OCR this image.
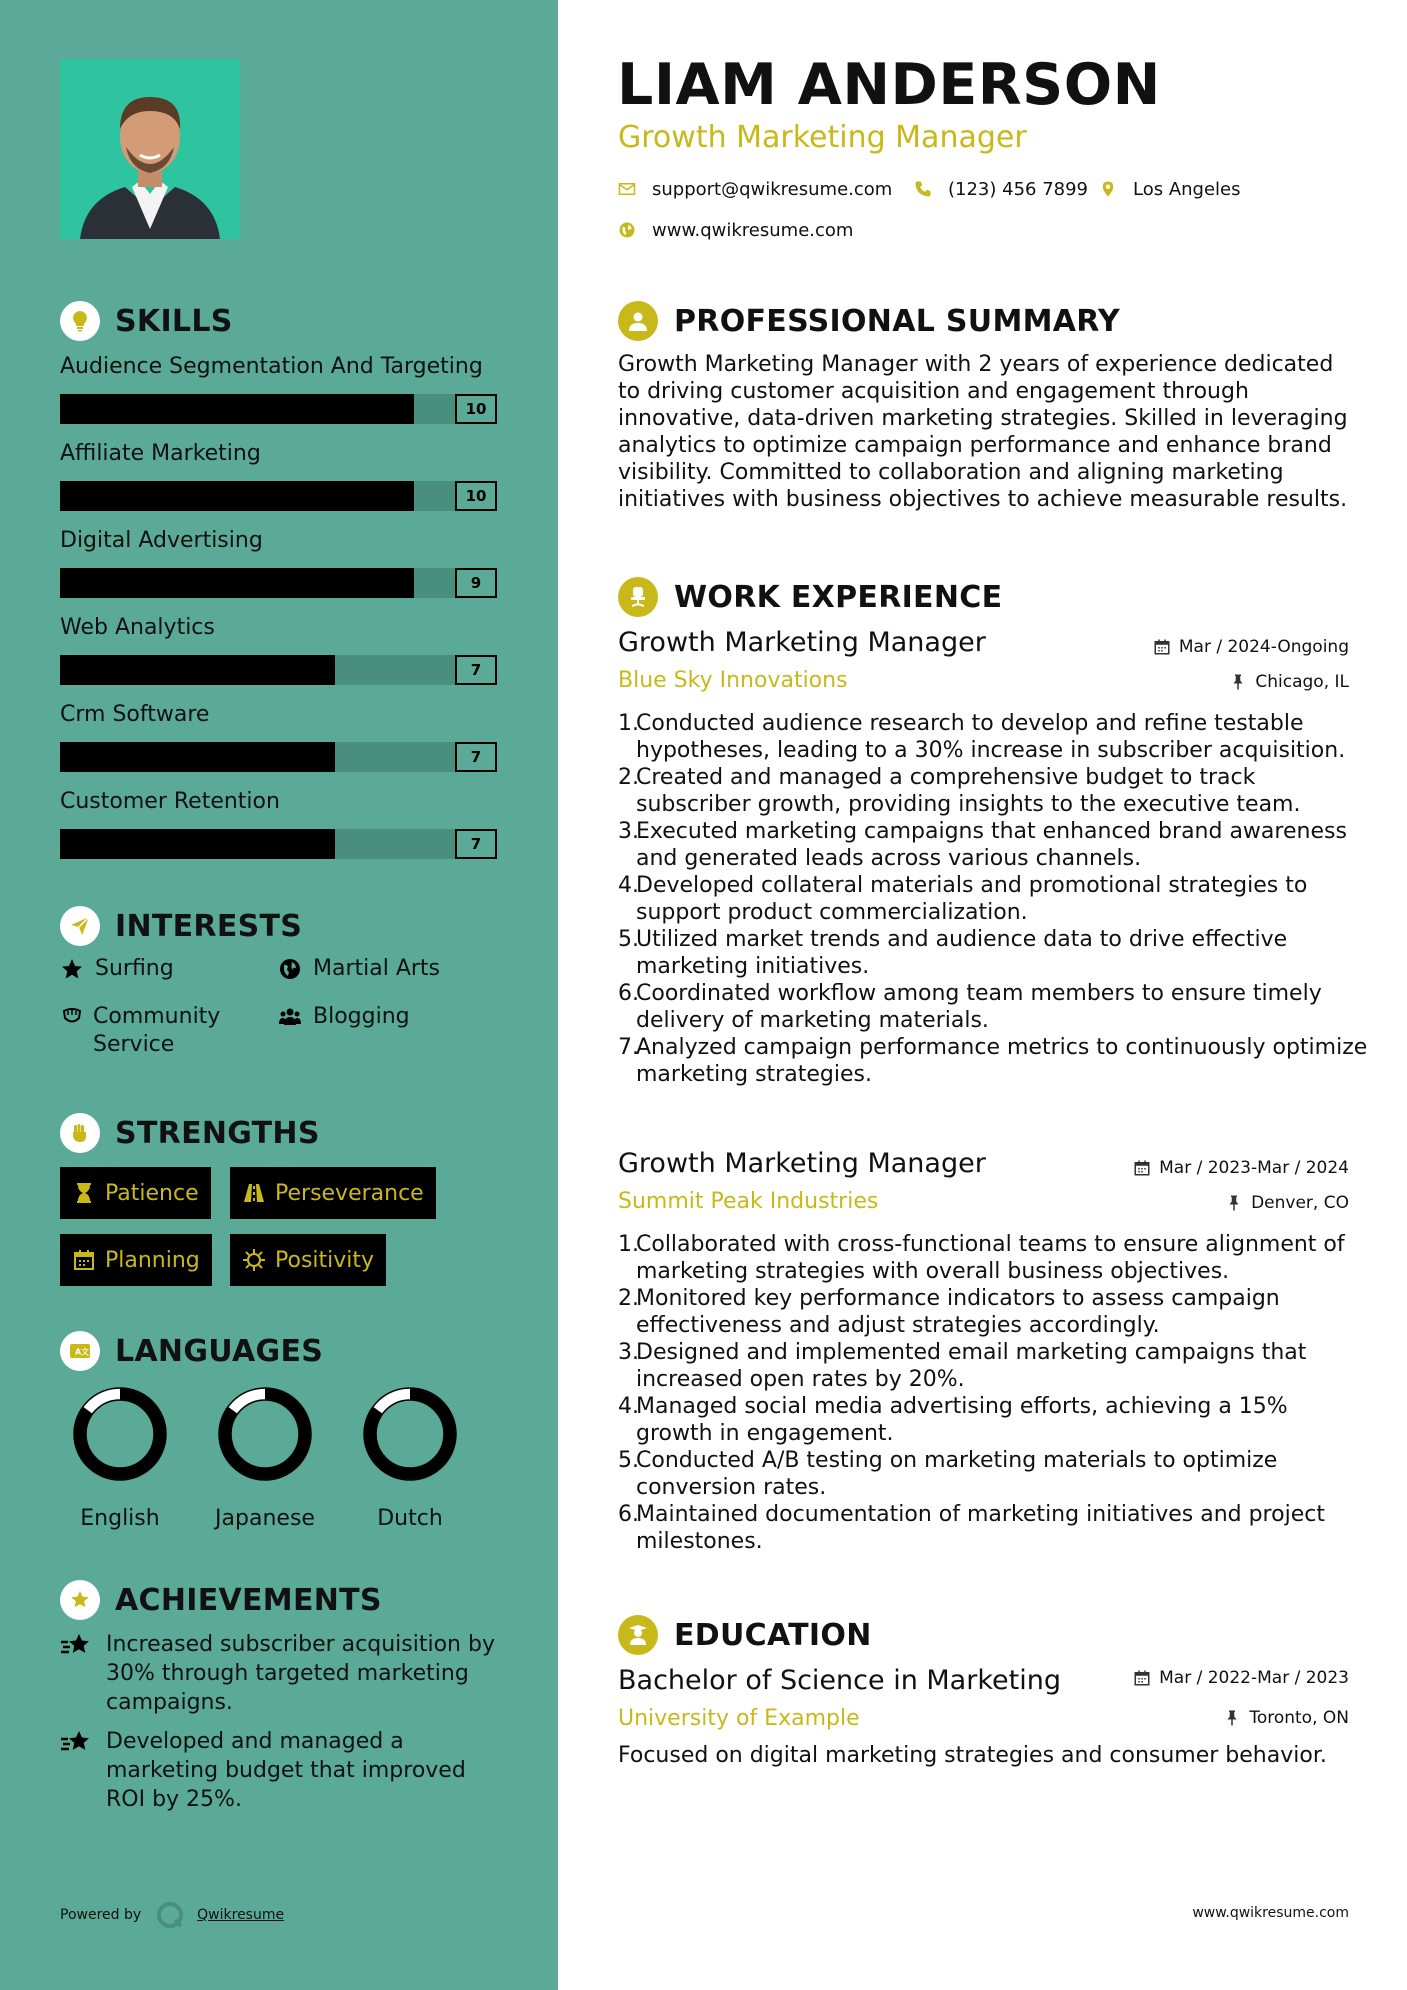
SKILLS
Audience Segmentation And Targeting
10
Affiliate Marketing
10
Digital Advertising
9
Web Analytics
7
Crm Software
7
Customer Retention
7
INTERESTS
Surfing	Martial Arts
Community Service
Blogging
STRENGTHS
Patience	Perseverance
Planning	Positivity
A 文 LANGUAGES
English	Japanese	Dutch
ACHIEVEMENTS
Increased subscriber acquisition by 30% through targeted marketing campaigns.
Developed and managed a marketing budget that improved ROI by 25%.
Powered by	Qwikresume
LIAM ANDERSON
Growth Marketing Manager
support@qwikresume.com	(123) 456 7899 Los Angeles
www.qwikresume.com
PROFESSIONAL SUMMARY
Growth Marketing Manager with 2 years of experience dedicated to driving customer acquisition and engagement through innovative, data-driven marketing strategies. Skilled in leveraging analytics to optimize campaign performance and enhance brand visibility. Committed to collaboration and aligning marketing initiatives with business objectives to achieve measurable results.
WORK EXPERIENCE
Growth Marketing Manager	Mar / 2024-Ongoing
Blue Sky Innovations	Chicago, IL
1.
Conducted audience research to develop and refine testable hypotheses, leading to a 30% increase in subscriber acquisition.
2.
Created and managed a comprehensive budget to track subscriber growth, providing insights to the executive team.
3.
Executed marketing campaigns that enhanced brand awareness and generated leads across various channels.
4.
Developed collateral materials and promotional strategies to support product commercialization.
5.
Utilized market trends and audience data to drive effective marketing initiatives.
6.
Coordinated workflow among team members to ensure timely delivery of marketing materials.
7.
Analyzed campaign performance metrics to continuously optimize marketing strategies.
Growth Marketing Manager	Mar / 2023-Mar / 2024
Summit Peak Industries	Denver, CO
1.
Collaborated with cross-functional teams to ensure alignment of marketing strategies with overall business objectives.
2.
Monitored key performance indicators to assess campaign effectiveness and adjust strategies accordingly.
3.
Designed and implemented email marketing campaigns that increased open rates by 20%.
4.
Managed social media advertising efforts, achieving a 15% growth in engagement.
5.
Conducted A/B testing on marketing materials to optimize conversion rates.
6.
Maintained documentation of marketing initiatives and project milestones.
EDUCATION
Bachelor of Science in Marketing	Mar / 2022-Mar / 2023
University of Example	Toronto, ON
Focused on digital marketing strategies and consumer behavior.
www.qwikresume.com
